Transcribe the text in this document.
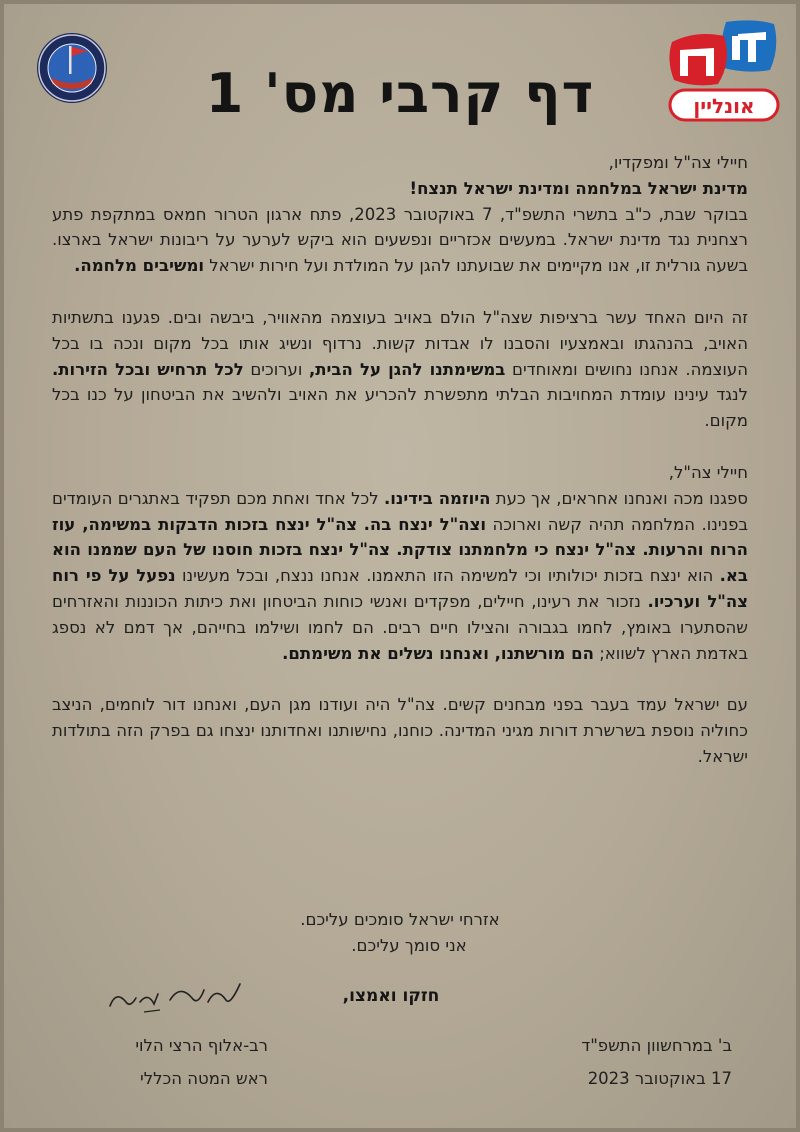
אונליין
דף קרבי מס' 1

חיילי צה"ל ומפקדיו,

מדינת ישראל במלחמה ומדינת ישראל תנצח!

בבוקר שבת, כ"ב בתשרי התשפ"ד, 7 באוקטובר 2023, פתח ארגון הטרור חמאס במתקפת פתע רצחנית נגד מדינת ישראל. במעשים אכזריים ונפשעים הוא ביקש לערער על ריבונות ישראל בארצו. בשעה גורלית זו, אנו מקיימים את שבועתנו להגן על המולדת ועל חירות ישראל ומשיבים מלחמה.

זה היום האחד עשר ברציפות שצה"ל הולם באויב בעוצמה מהאוויר, ביבשה ובים. פגענו בתשתיות האויב, בהנהגתו ובאמצעיו והסבנו לו אבדות קשות. נרדוף ונשיג אותו בכל מקום ונכה בו בכל העוצמה. אנחנו נחושים ומאוחדים במשימתנו להגן על הבית, וערוכים לכל תרחיש ובכל הזירות. לנגד עינינו עומדת המחויבות הבלתי מתפשרת להכריע את האויב ולהשיב את הביטחון על כנו בכל מקום.

חיילי צה"ל,

ספגנו מכה ואנחנו אחראים, אך כעת היוזמה בידינו. לכל אחד ואחת מכם תפקיד באתגרים העומדים בפנינו. המלחמה תהיה קשה וארוכה וצה"ל ינצח בה. צה"ל ינצח בזכות הדבקות במשימה, עוז הרוח והרעות. צה"ל ינצח כי מלחמתנו צודקת. צה"ל ינצח בזכות חוסנו של העם שממנו הוא בא. הוא ינצח בזכות יכולותיו וכי למשימה הזו התאמנו. אנחנו ננצח, ובכל מעשינו נפעל על פי רוח צה"ל וערכיו. נזכור את רעינו, חיילים, מפקדים ואנשי כוחות הביטחון ואת כיתות הכוננות והאזרחים שהסתערו באומץ, לחמו בגבורה והצילו חיים רבים. הם לחמו ושילמו בחייהם, אך דמם לא נספג באדמת הארץ לשווא; הם מורשתנו, ואנחנו נשלים את משימתם.

עם ישראל עמד בעבר בפני מבחנים קשים. צה"ל היה ועודנו מגן העם, ואנחנו דור לוחמים, הניצב כחוליה נוספת בשרשרת דורות מגיני המדינה. כוחנו, נחישותנו ואחדותנו ינצחו גם בפרק הזה בתולדות ישראל.

אזרחי ישראל סומכים עליכם.
אני סומך עליכם.
חזקו ואמצו,
רב-אלוף הרצי הלוי
ראש המטה הכללי
ב' במרחשוון התשפ"ד
17 באוקטובר 2023
